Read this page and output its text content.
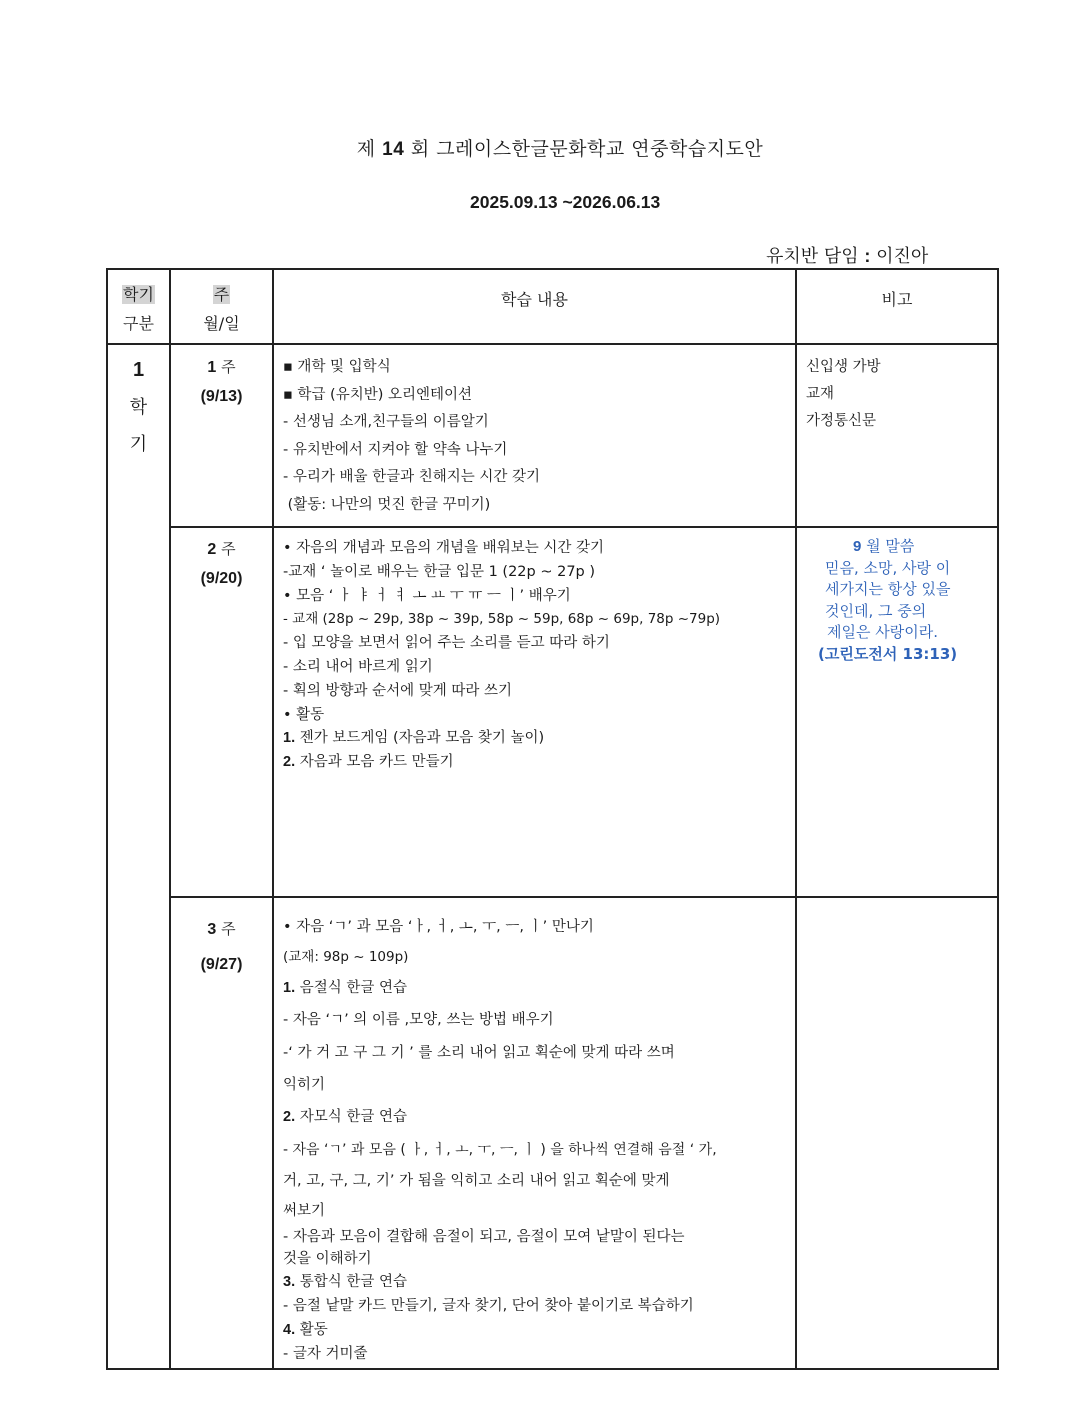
제 14 회 그레이스한글문화학교 연중학습지도안
2025.09.13 ~2026.06.13
유치반 담임 : 이진아
학기
구분
주
월/일
학습 내용	비고
1
학
기
1 주
(9/13)
▪ 개학 및 입학식
▪ 학급 (유치반) 오리엔테이션
- 선생님 소개,친구들의 이름알기
- 유치반에서 지켜야 할 약속 나누기
- 우리가 배울 한글과 친해지는 시간 갖기
(활동: 나만의 멋진 한글 꾸미기)
신입생 가방
교재
가정통신문
2 주
(9/20)
• 자음의 개념과 모음의 개념을 배워보는 시간 갖기
-교재 ‘ 놀이로 배우는 한글 입문 1 (22p ~ 27p )
• 모음 ‘ ㅏ ㅑ ㅓ ㅕ ㅗ ㅛ ㅜ ㅠ ㅡ ㅣ’ 배우기
- 교재 (28p ~ 29p, 38p ~ 39p, 58p ~ 59p, 68p ~ 69p, 78p ~79p)
- 입 모양을 보면서 읽어 주는 소리를 듣고 따라 하기
- 소리 내어 바르게 읽기
- 획의 방향과 순서에 맞게 따라 쓰기
• 활동
1. 젠가 보드게임 (자음과 모음 찾기 놀이)
2. 자음과 모음 카드 만들기
9 월 말씀
믿음, 소망, 사랑 이
세가지는 항상 있을
것인데, 그 중의
제일은 사랑이라.
(고린도전서 13:13)
3 주
(9/27)
• 자음 ‘ㄱ’ 과 모음 ‘ㅏ, ㅓ, ㅗ, ㅜ, ㅡ, ㅣ’ 만나기
(교재: 98p ~ 109p)
1. 음절식 한글 연습
- 자음 ‘ㄱ’ 의 이름 ,모양, 쓰는 방법 배우기
-‘ 가 거 고 구 그 기 ’ 를 소리 내어 읽고 획순에 맞게 따라 쓰며
익히기
2. 자모식 한글 연습
- 자음 ‘ㄱ’ 과 모음 ( ㅏ, ㅓ, ㅗ, ㅜ, ㅡ, ㅣ ) 을 하나씩 연결해 음절 ‘ 가,
거, 고, 구, 그, 기’ 가 됨을 익히고 소리 내어 읽고 획순에 맞게
써보기
- 자음과 모음이 결합해 음절이 되고, 음절이 모여 낱말이 된다는
것을 이해하기
3. 통합식 한글 연습
- 음절 낱말 카드 만들기, 글자 찾기, 단어 찾아 붙이기로 복습하기
4. 활동
- 글자 거미줄
